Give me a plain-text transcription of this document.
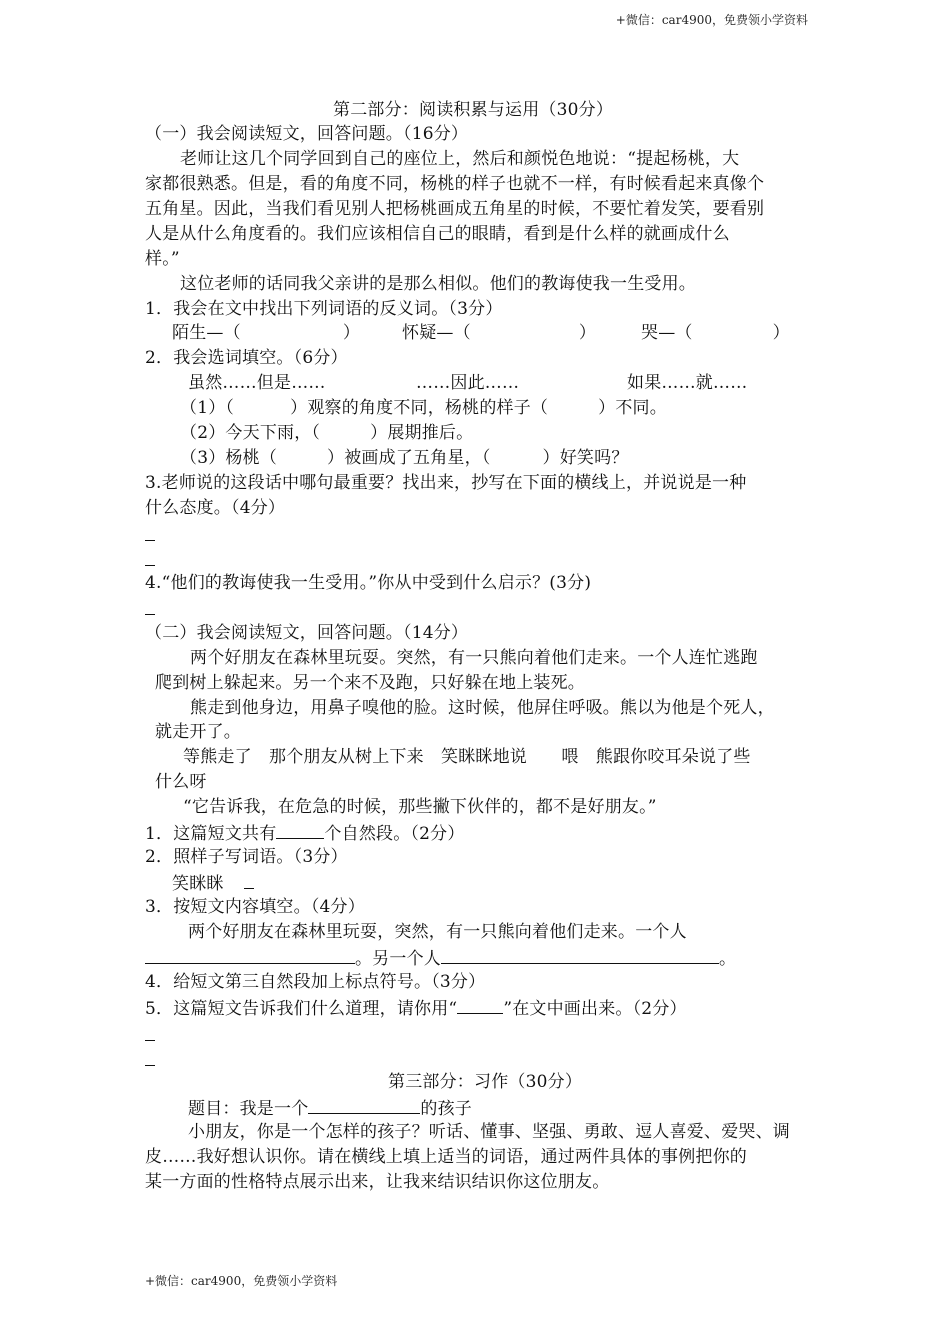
+微信：car4900，免费领小学资料
+微信：car4900，免费领小学资料
第二部分：阅读积累与运用（30分）
（一）我会阅读短文，回答问题。（16分）
老师让这几个同学回到自己的座位上，然后和颜悦色地说：“提起杨桃，大
家都很熟悉。但是，看的角度不同，杨桃的样子也就不一样，有时候看起来真像个
五角星。因此，当我们看见别人把杨桃画成五角星的时候，不要忙着发笑，要看别
人是从什么角度看的。我们应该相信自己的眼睛，看到是什么样的就画成什么
样。”
这位老师的话同我父亲讲的是那么相似。他们的教诲使我一生受用。
1．我会在文中找出下列词语的反义词。（3分）
陌生—（	） 怀疑—（	）	哭—（	）
2．我会选词填空。（6分）
虽然……但是……	……因此……	如果……就……
（1）（	）观察的角度不同，杨桃的样子（	）不同。
（2）今天下雨，（	）展期推后。
（3）杨桃（	）被画成了五角星，（	）好笑吗？
3.老师说的这段话中哪句最重要？找出来，抄写在下面的横线上，并说说是一种
什么态度。（4分）
4.“他们的教诲使我一生受用。”你从中受到什么启示？(3分)
（二）我会阅读短文，回答问题。（14分）
两个好朋友在森林里玩耍。突然，有一只熊向着他们走来。一个人连忙逃跑
爬到树上躲起来。另一个来不及跑，只好躲在地上装死。
熊走到他身边，用鼻子嗅他的脸。这时候，他屏住呼吸。熊以为他是个死人，
就走开了。
等熊走了　那个朋友从树上下来　笑眯眯地说　　喂　熊跟你咬耳朵说了些
什么呀
“它告诉我，在危急的时候，那些撇下伙伴的，都不是好朋友。”
1．这篇短文共有	个自然段。（2分）
2．照样子写词语。（3分）
笑眯眯
3．按短文内容填空。（4分）
两个好朋友在森林里玩耍，突然，有一只熊向着他们走来。一个人
。另一个人	。
4．给短文第三自然段加上标点符号。（3分）
5．这篇短文告诉我们什么道理，请你用“	”在文中画出来。（2分）
第三部分：习作（30分）
题目：我是一个	的孩子
小朋友，你是一个怎样的孩子？听话、懂事、坚强、勇敢、逗人喜爱、爱哭、调
皮……我好想认识你。请在横线上填上适当的词语，通过两件具体的事例把你的
某一方面的性格特点展示出来，让我来结识结识你这位朋友。
